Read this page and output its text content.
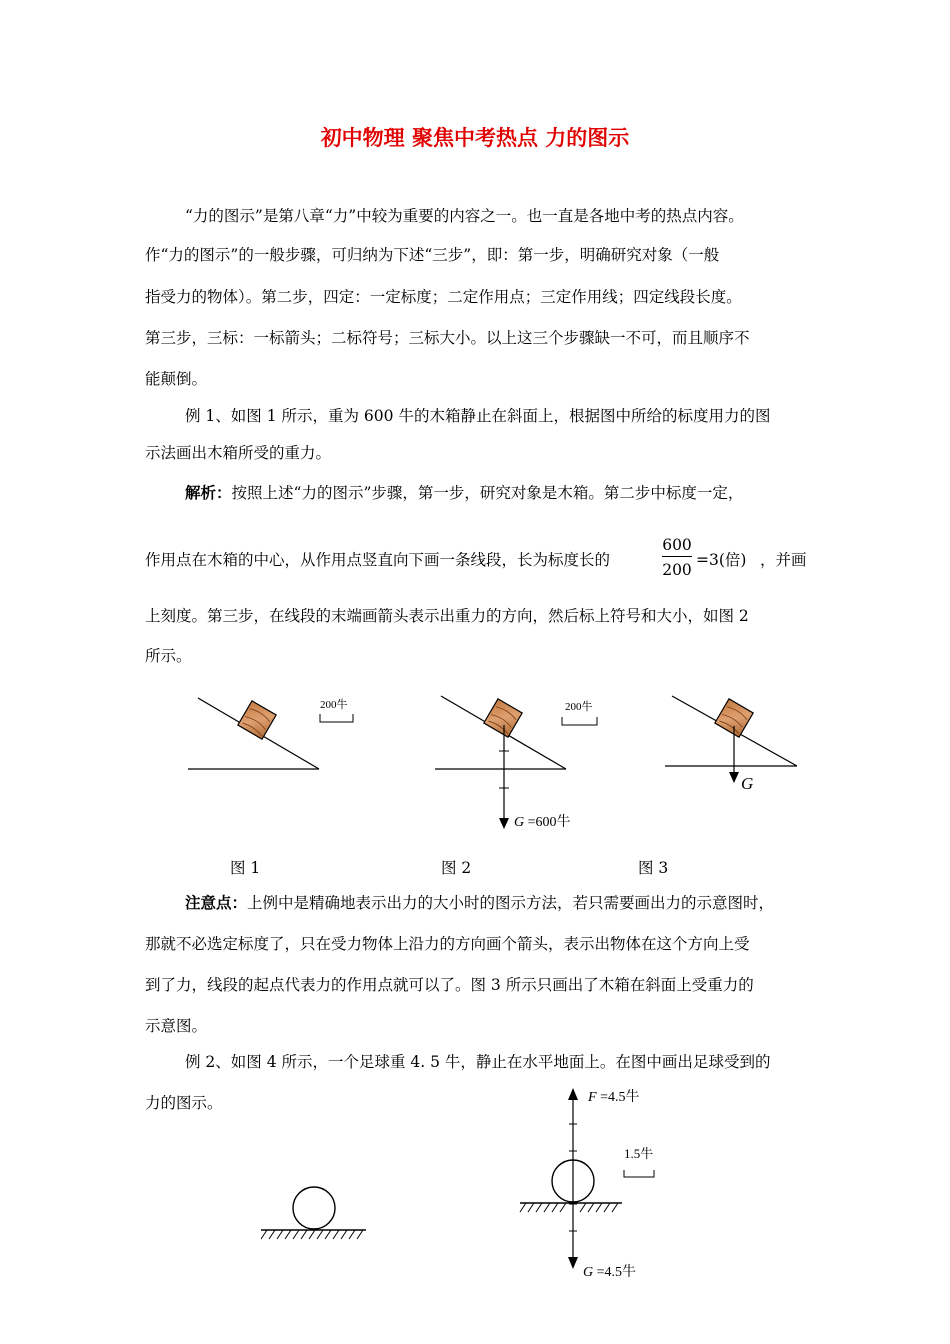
初中物理 聚焦中考热点 力的图示

“力的图示”是第八章“力”中较为重要的内容之一。也一直是各地中考的热点内容。

作“力的图示”的一般步骤，可归纳为下述“三步”，即：第一步，明确研究对象（一般

指受力的物体）。第二步，四定：一定标度；二定作用点；三定作用线；四定线段长度。

第三步，三标：一标箭头；二标符号；三标大小。以上这三个步骤缺一不可，而且顺序不

能颠倒。

例 1、如图 1 所示，重为 600 牛的木箱静止在斜面上，根据图中所给的标度用力的图

示法画出木箱所受的重力。

解析：按照上述“力的图示”步骤，第一步，研究对象是木箱。第二步中标度一定，

作用点在木箱的中心，从作用点竖直向下画一条线段，长为标度长的

600
200
=3(倍) ，并画

上刻度。第三步，在线段的末端画箭头表示出重力的方向，然后标上符号和大小，如图 2

所示。

200牛	200牛
G =600牛
G
图 1	图 2	图 3

注意点：上例中是精确地表示出力的大小时的图示方法，若只需要画出力的示意图时，

那就不必选定标度了，只在受力物体上沿力的方向画个箭头，表示出物体在这个方向上受

到了力，线段的起点代表力的作用点就可以了。图 3 所示只画出了木箱在斜面上受重力的

示意图。

例 2、如图 4 所示，一个足球重 4. 5 牛，静止在水平地面上。在图中画出足球受到的

力的图示。

1.5牛
F =4.5牛
G =4.5牛
